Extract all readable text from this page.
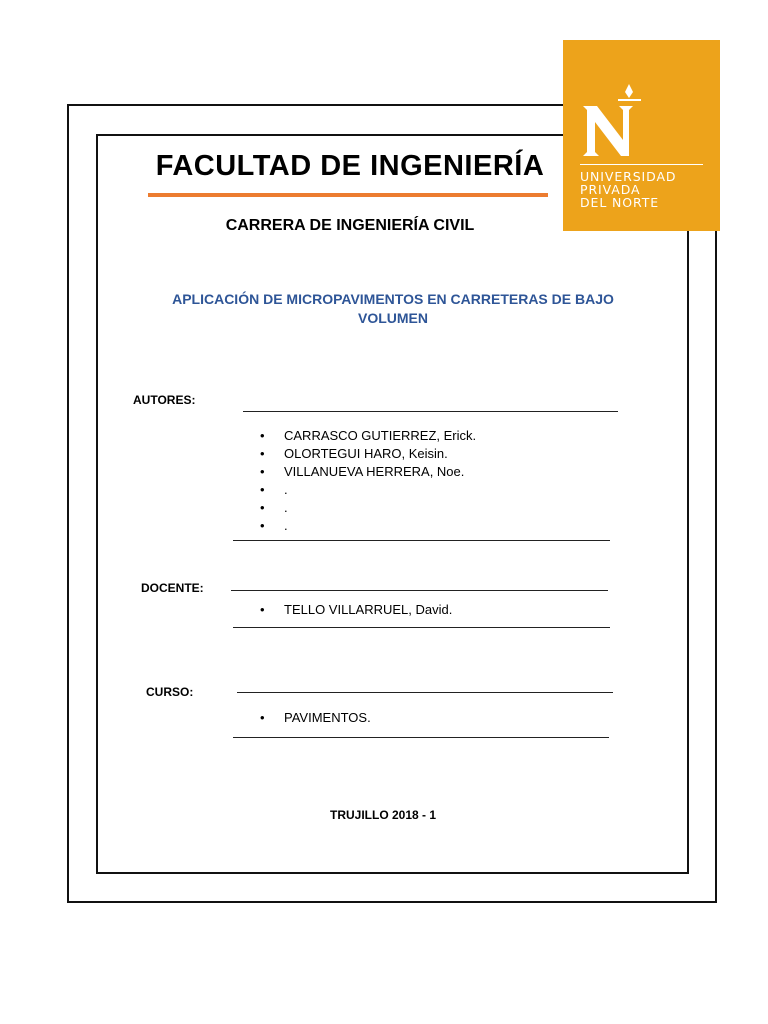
UNIVERSIDAD
PRIVADA
DEL NORTE
FACULTAD DE INGENIERÍA
CARRERA DE INGENIERÍA CIVIL
APLICACIÓN DE MICROPAVIMENTOS EN CARRETERAS DE BAJO
VOLUMEN
AUTORES:
• CARRASCO GUTIERREZ, Erick.
• OLORTEGUI HARO, Keisin.
• VILLANUEVA HERRERA, Noe.
• .
• .
• .
DOCENTE:
• TELLO VILLARRUEL, David.
CURSO:
• PAVIMENTOS.
TRUJILLO 2018 - 1
